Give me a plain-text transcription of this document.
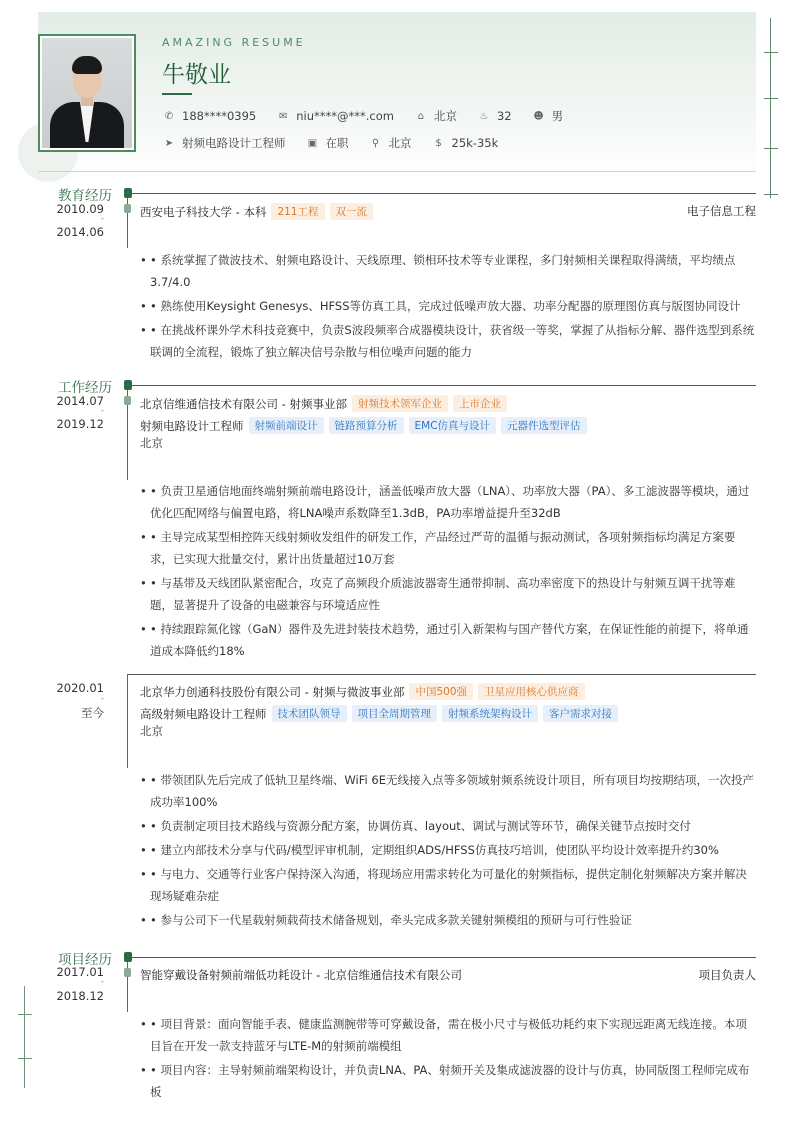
AMAZING RESUME
牛敬业
✆ 188****0395 ✉ niu****@***.com	⌂ 北京 ♨ 32 ☻ 男
➤ 射频电路设计工程师 ▣ 在职	⚲ 北京	$ 25k-35k
教育经历
2010.09
-
2014.06
西安电子科技大学 - 本科	211工程	双一流	电子信息工程
• • 系统掌握了微波技术、射频电路设计、天线原理、锁相环技术等专业课程，多门射频相关课程取得满绩，平均绩点3.7/4.0
• • 熟练使用Keysight Genesys、HFSS等仿真工具，完成过低噪声放大器、功率分配器的原理图仿真与版图协同设计
• • 在挑战杯课外学术科技竞赛中，负责S波段频率合成器模块设计，获省级一等奖，掌握了从指标分解、器件选型到系统联调的全流程，锻炼了独立解决信号杂散与相位噪声问题的能力
工作经历
2014.07
-
2019.12
北京信维通信技术有限公司 - 射频事业部	射频技术领军企业	上市企业
射频电路设计工程师	射频前端设计	链路预算分析	EMC仿真与设计	元器件选型评估
北京
• • 负责卫星通信地面终端射频前端电路设计，涵盖低噪声放大器（LNA）、功率放大器（PA）、多工滤波器等模块，通过优化匹配网络与偏置电路，将LNA噪声系数降至1.3dB，PA功率增益提升至32dB
• • 主导完成某型相控阵天线射频收发组件的研发工作，产品经过严苛的温循与振动测试，各项射频指标均满足方案要求，已实现大批量交付，累计出货量超过10万套
• • 与基带及天线团队紧密配合，攻克了高频段介质滤波器寄生通带抑制、高功率密度下的热设计与射频互调干扰等难题，显著提升了设备的电磁兼容与环境适应性
• • 持续跟踪氮化镓（GaN）器件及先进封装技术趋势，通过引入新架构与国产替代方案，在保证性能的前提下，将单通道成本降低约18%
2020.01
-
至今
北京华力创通科技股份有限公司 - 射频与微波事业部	中国500强	卫星应用核心供应商
高级射频电路设计工程师	技术团队领导	项目全周期管理	射频系统架构设计	客户需求对接
北京
• • 带领团队先后完成了低轨卫星终端、WiFi 6E无线接入点等多领域射频系统设计项目，所有项目均按期结项，一次投产成功率100%
• • 负责制定项目技术路线与资源分配方案，协调仿真、layout、调试与测试等环节，确保关键节点按时交付
• • 建立内部技术分享与代码/模型评审机制，定期组织ADS/HFSS仿真技巧培训，使团队平均设计效率提升约30%
• • 与电力、交通等行业客户保持深入沟通，将现场应用需求转化为可量化的射频指标，提供定制化射频解决方案并解决现场疑难杂症
• • 参与公司下一代星载射频载荷技术储备规划，牵头完成多款关键射频模组的预研与可行性验证
项目经历
2017.01
-
2018.12
智能穿戴设备射频前端低功耗设计 - 北京信维通信技术有限公司	项目负责人
• • 项目背景：面向智能手表、健康监测腕带等可穿戴设备，需在极小尺寸与极低功耗约束下实现远距离无线连接。本项目旨在开发一款支持蓝牙与LTE-M的射频前端模组
• • 项目内容：主导射频前端架构设计，并负责LNA、PA、射频开关及集成滤波器的设计与仿真，协同版图工程师完成布板
